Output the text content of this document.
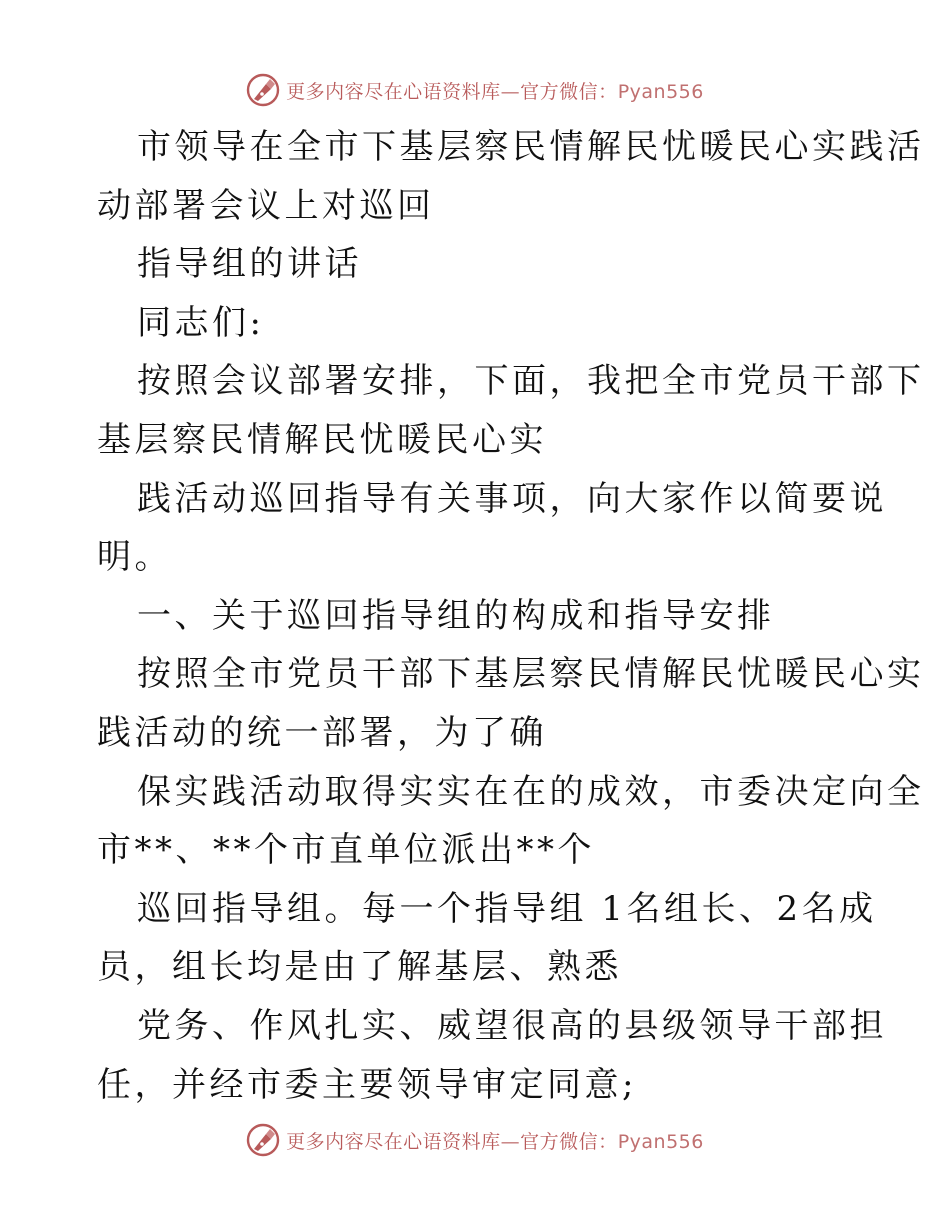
更多内容尽在心语资料库—官方微信：Pyan556
市领导在全市下基层察民情解民忧暖民心实践活
动部署会议上对巡回
指导组的讲话
同志们:
按照会议部署安排，下面，我把全市党员干部下
基层察民情解民忧暖民心实
践活动巡回指导有关事项，向大家作以简要说
明。
一、关于巡回指导组的构成和指导安排
按照全市党员干部下基层察民情解民忧暖民心实
践活动的统一部署，为了确
保实践活动取得实实在在的成效，市委决定向全
市**、**个市直单位派出**个
巡回指导组。每一个指导组 1名组长、2名成
员，组长均是由了解基层、熟悉
党务、作风扎实、威望很高的县级领导干部担
任，并经市委主要领导审定同意;
更多内容尽在心语资料库—官方微信：Pyan556
